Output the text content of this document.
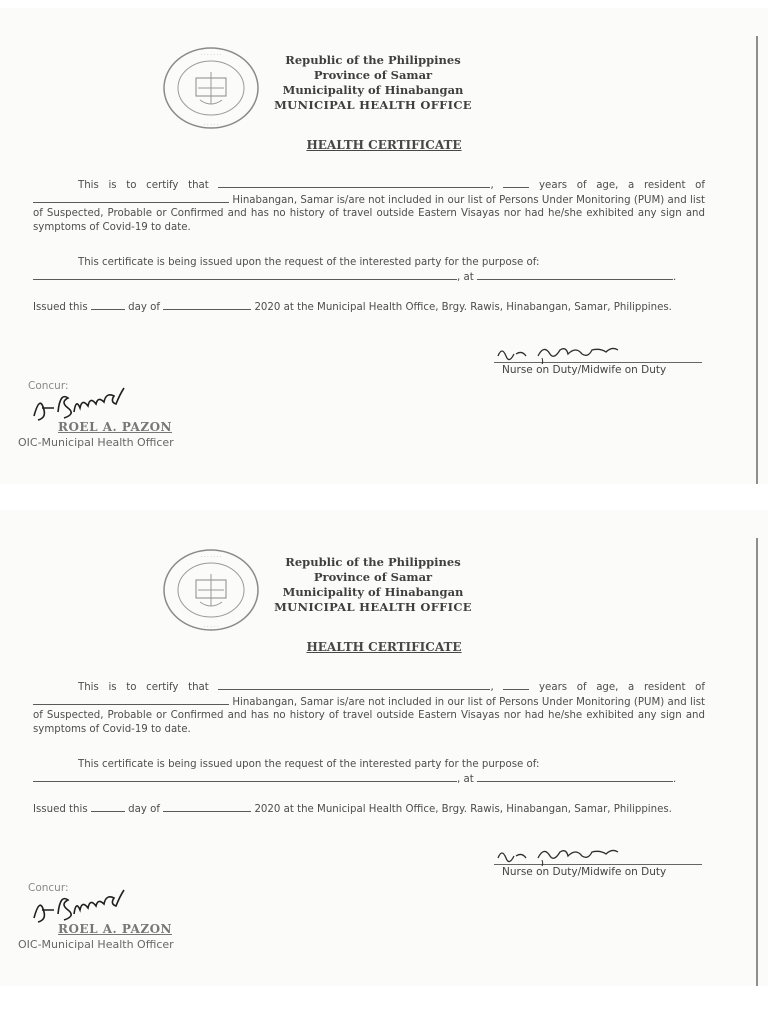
· · · · · · ·
· · · · ·
Republic of the Philippines
Province of Samar
Municipality of Hinabangan
MUNICIPAL HEALTH OFFICE
HEALTH CERTIFICATE
This is to certify that	,	years of age, a resident of  Hinabangan, Samar is/are not included in our list of Persons Under Monitoring (PUM) and list of Suspected, Probable or Confirmed and has no history of travel outside Eastern Visayas nor had he/she exhibited any sign and symptoms of Covid-19 to date.
This certificate is being issued upon the request of the interested party for the purpose of:
, at	.
Issued this	day of	2020 at the Municipal Health Office, Brgy. Rawis, Hinabangan, Samar, Philippines.
Nurse on Duty/Midwife on Duty
Concur:
ROEL A. PAZON
OIC-Municipal Health Officer
· · · · · · ·
· · · · ·
Republic of the Philippines
Province of Samar
Municipality of Hinabangan
MUNICIPAL HEALTH OFFICE
HEALTH CERTIFICATE
This is to certify that	,	years of age, a resident of  Hinabangan, Samar is/are not included in our list of Persons Under Monitoring (PUM) and list of Suspected, Probable or Confirmed and has no history of travel outside Eastern Visayas nor had he/she exhibited any sign and symptoms of Covid-19 to date.
This certificate is being issued upon the request of the interested party for the purpose of:
, at	.
Issued this	day of	2020 at the Municipal Health Office, Brgy. Rawis, Hinabangan, Samar, Philippines.
Nurse on Duty/Midwife on Duty
Concur:
ROEL A. PAZON
OIC-Municipal Health Officer
